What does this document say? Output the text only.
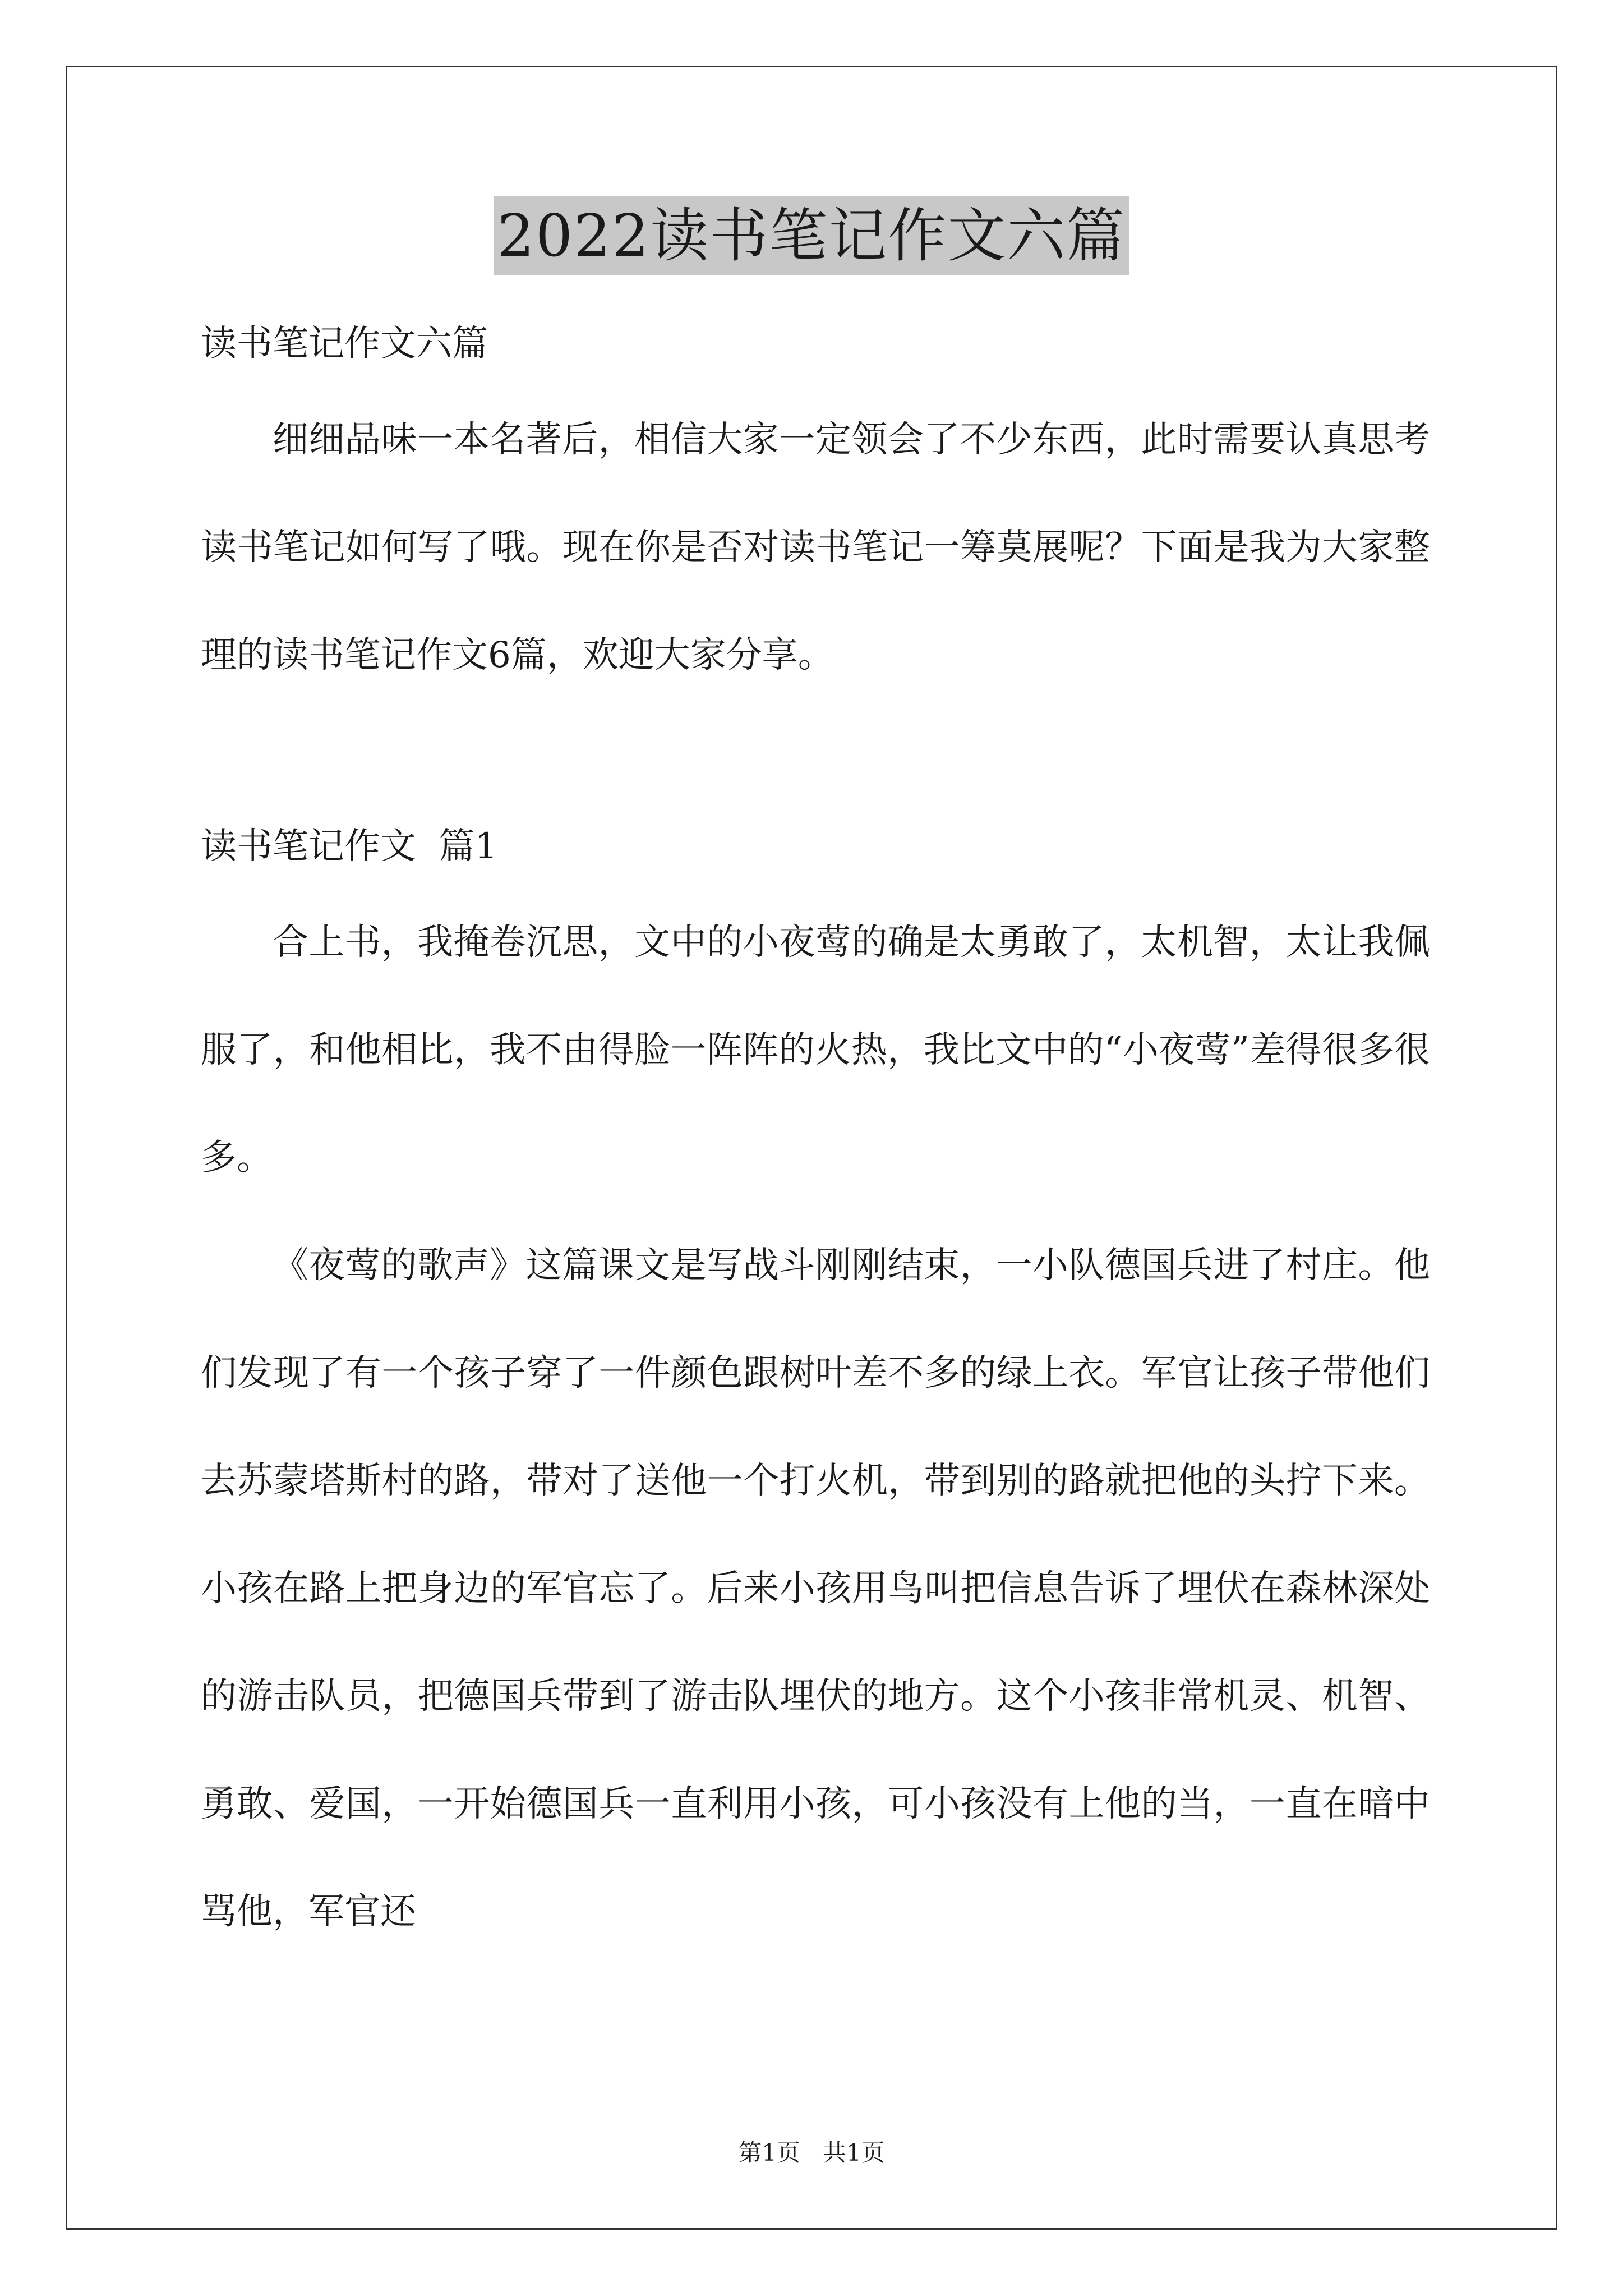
2022读书笔记作文六篇

读书笔记作文六篇

细细品味一本名著后，相信大家一定领会了不少东西，此时需要认真思考读书笔记如何写了哦。现在你是否对读书笔记一筹莫展呢？下面是我为大家整理的读书笔记作文6篇，欢迎大家分享。

读书笔记作文  篇1

合上书，我掩卷沉思，文中的小夜莺的确是太勇敢了，太机智，太让我佩服了，和他相比，我不由得脸一阵阵的火热，我比文中的“小夜莺”差得很多很多。

《夜莺的歌声》这篇课文是写战斗刚刚结束，一小队德国兵进了村庄。他们发现了有一个孩子穿了一件颜色跟树叶差不多的绿上衣。军官让孩子带他们去苏蒙塔斯村的路，带对了送他一个打火机，带到别的路就把他的头拧下来。小孩在路上把身边的军官忘了。后来小孩用鸟叫把信息告诉了埋伏在森林深处的游击队员，把德国兵带到了游击队埋伏的地方。这个小孩非常机灵、机智、勇敢、爱国，一开始德国兵一直利用小孩，可小孩没有上他的当，一直在暗中骂他，军官还

第1页   共1页
